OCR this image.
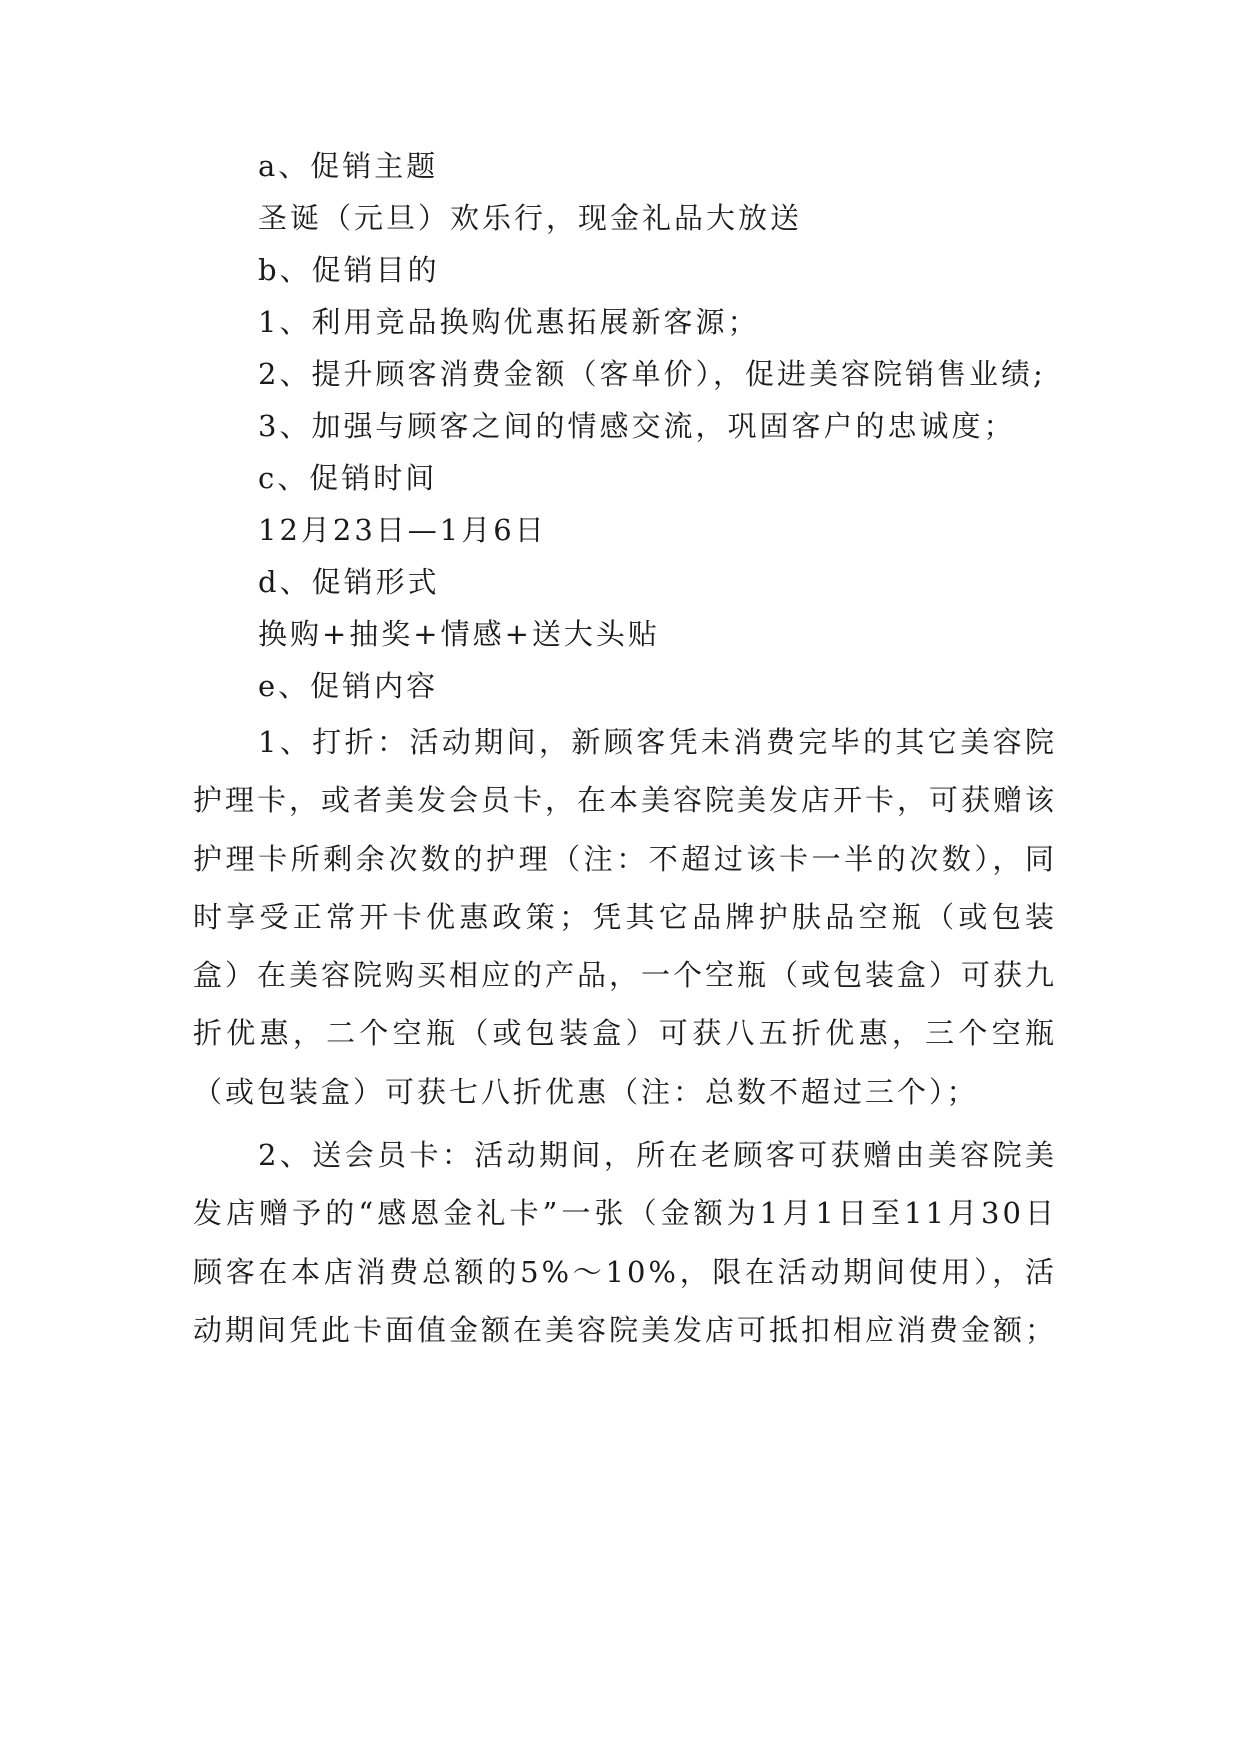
a、促销主题
圣诞（元旦）欢乐行，现金礼品大放送
b、促销目的
1、利用竞品换购优惠拓展新客源；
2、提升顾客消费金额（客单价），促进美容院销售业绩;
3、加强与顾客之间的情感交流，巩固客户的忠诚度；
c、促销时间
12月23日—1月6日
d、促销形式
换购+抽奖+情感+送大头贴
e、促销内容

1、打折：活动期间，新顾客凭未消费完毕的其它美容院护理卡，或者美发会员卡，在本美容院美发店开卡，可获赠该护理卡所剩余次数的护理（注：不超过该卡一半的次数），同时享受正常开卡优惠政策；凭其它品牌护肤品空瓶（或包装盒）在美容院购买相应的产品，一个空瓶（或包装盒）可获九折优惠，二个空瓶（或包装盒）可获八五折优惠，三个空瓶（或包装盒）可获七八折优惠（注：总数不超过三个）；

2、送会员卡：活动期间，所在老顾客可获赠由美容院美发店赠予的“感恩金礼卡”一张（金额为1月1日至11月30日顾客在本店消费总额的5%～10%，限在活动期间使用），活动期间凭此卡面值金额在美容院美发店可抵扣相应消费金额；
